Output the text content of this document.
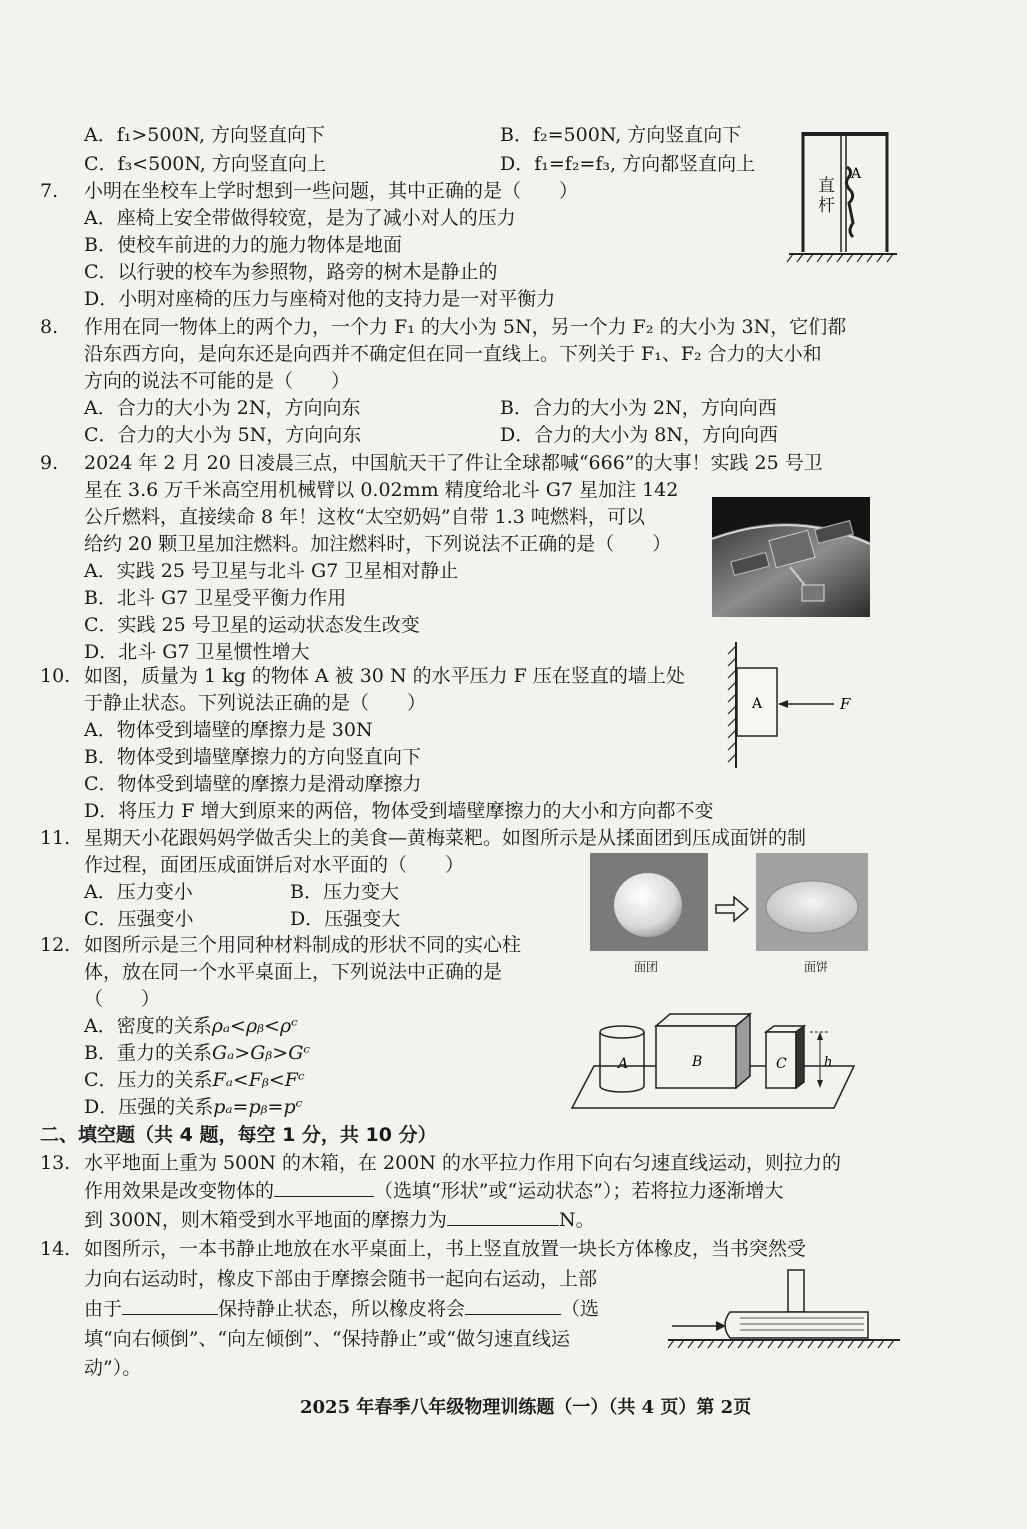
A．f₁>500N, 方向竖直向下	B．f₂=500N, 方向竖直向下
C．f₃<500N, 方向竖直向上	D．f₁=f₂=f₃, 方向都竖直向上	A
直杆
7. 小明在坐校车上学时想到一些问题，其中正确的是（　　）
A．座椅上安全带做得较宽，是为了减小对人的压力
B．使校车前进的力的施力物体是地面
C．以行驶的校车为参照物，路旁的树木是静止的
D．小明对座椅的压力与座椅对他的支持力是一对平衡力
8. 作用在同一物体上的两个力，一个力 F₁ 的大小为 5N，另一个力 F₂ 的大小为 3N，它们都
沿东西方向，是向东还是向西并不确定但在同一直线上。下列关于 F₁、F₂ 合力的大小和
方向的说法不可能的是（　　）
A．合力的大小为 2N，方向向东	B．合力的大小为 2N，方向向西
C．合力的大小为 5N，方向向东	D．合力的大小为 8N，方向向西
9. 2024 年 2 月 20 日凌晨三点，中国航天干了件让全球都喊“666”的大事！实践 25 号卫
星在 3.6 万千米高空用机械臂以 0.02mm 精度给北斗 G7 星加注 142
公斤燃料，直接续命 8 年！这枚“太空奶妈”自带 1.3 吨燃料，可以
给约 20 颗卫星加注燃料。加注燃料时，下列说法不正确的是（　　）
A．实践 25 号卫星与北斗 G7 卫星相对静止
B．北斗 G7 卫星受平衡力作用
C．实践 25 号卫星的运动状态发生改变
D．北斗 G7 卫星惯性增大
10. 如图，质量为 1 kg 的物体 A 被 30 N 的水平压力 F 压在竖直的墙上处
于静止状态。下列说法正确的是（　　）
A．物体受到墙壁的摩擦力是 30N
B．物体受到墙壁摩擦力的方向竖直向下
C．物体受到墙壁的摩擦力是滑动摩擦力
D．将压力 F 增大到原来的两倍，物体受到墙壁摩擦力的大小和方向都不变
A	F
11. 星期天小花跟妈妈学做舌尖上的美食—黄梅菜粑。如图所示是从揉面团到压成面饼的制
作过程，面团压成面饼后对水平面的（　　）
A．压力变小	B．压力变大
C．压强变小	D．压强变大
面团	面饼
12. 如图所示是三个用同种材料制成的形状不同的实心柱
体，放在同一个水平桌面上，下列说法中正确的是
（　　）
A．密度的关系ρₐ<ρᵦ<ρᶜ
B．重力的关系Gₐ>Gᵦ>Gᶜ
C．压力的关系Fₐ<Fᵦ<Fᶜ
D．压强的关系pₐ=pᵦ=pᶜ
A	B	C	h
二、填空题（共 4 题，每空 1 分，共 10 分）
13. 水平地面上重为 500N 的木箱，在 200N 的水平拉力作用下向右匀速直线运动，则拉力的
作用效果是改变物体的	（选填“形状”或“运动状态”）；若将拉力逐渐增大
到 300N，则木箱受到水平地面的摩擦力为	N。
14. 如图所示，一本书静止地放在水平桌面上，书上竖直放置一块长方体橡皮，当书突然受
力向右运动时，橡皮下部由于摩擦会随书一起向右运动，上部
由于	保持静止状态，所以橡皮将会	（选
填“向右倾倒”、“向左倾倒”、“保持静止”或“做匀速直线运
动”）。
2025 年春季八年级物理训练题（一）（共 4 页）第 2页
